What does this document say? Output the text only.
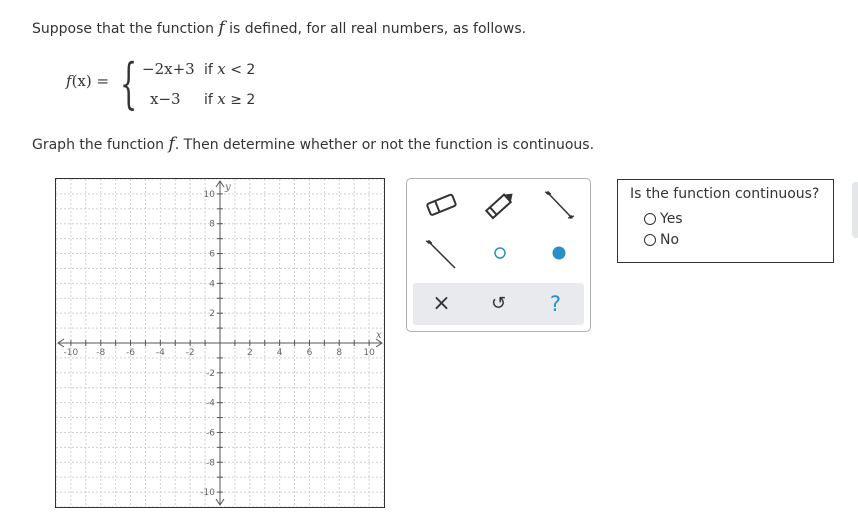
Suppose that the function f is defined, for all real numbers, as follows.
f(x) = { −2x+3 if x < 2
x−3 if x ≥ 2
Graph the function f. Then determine whether or not the function is continuous.
-10 -8 -6 -4 -2	2	4	6	8 10
10
8
6
4
2
-2
-4
-6
-8
-10
x
y
× ↺ ?
Is the function continuous?
Yes
No
